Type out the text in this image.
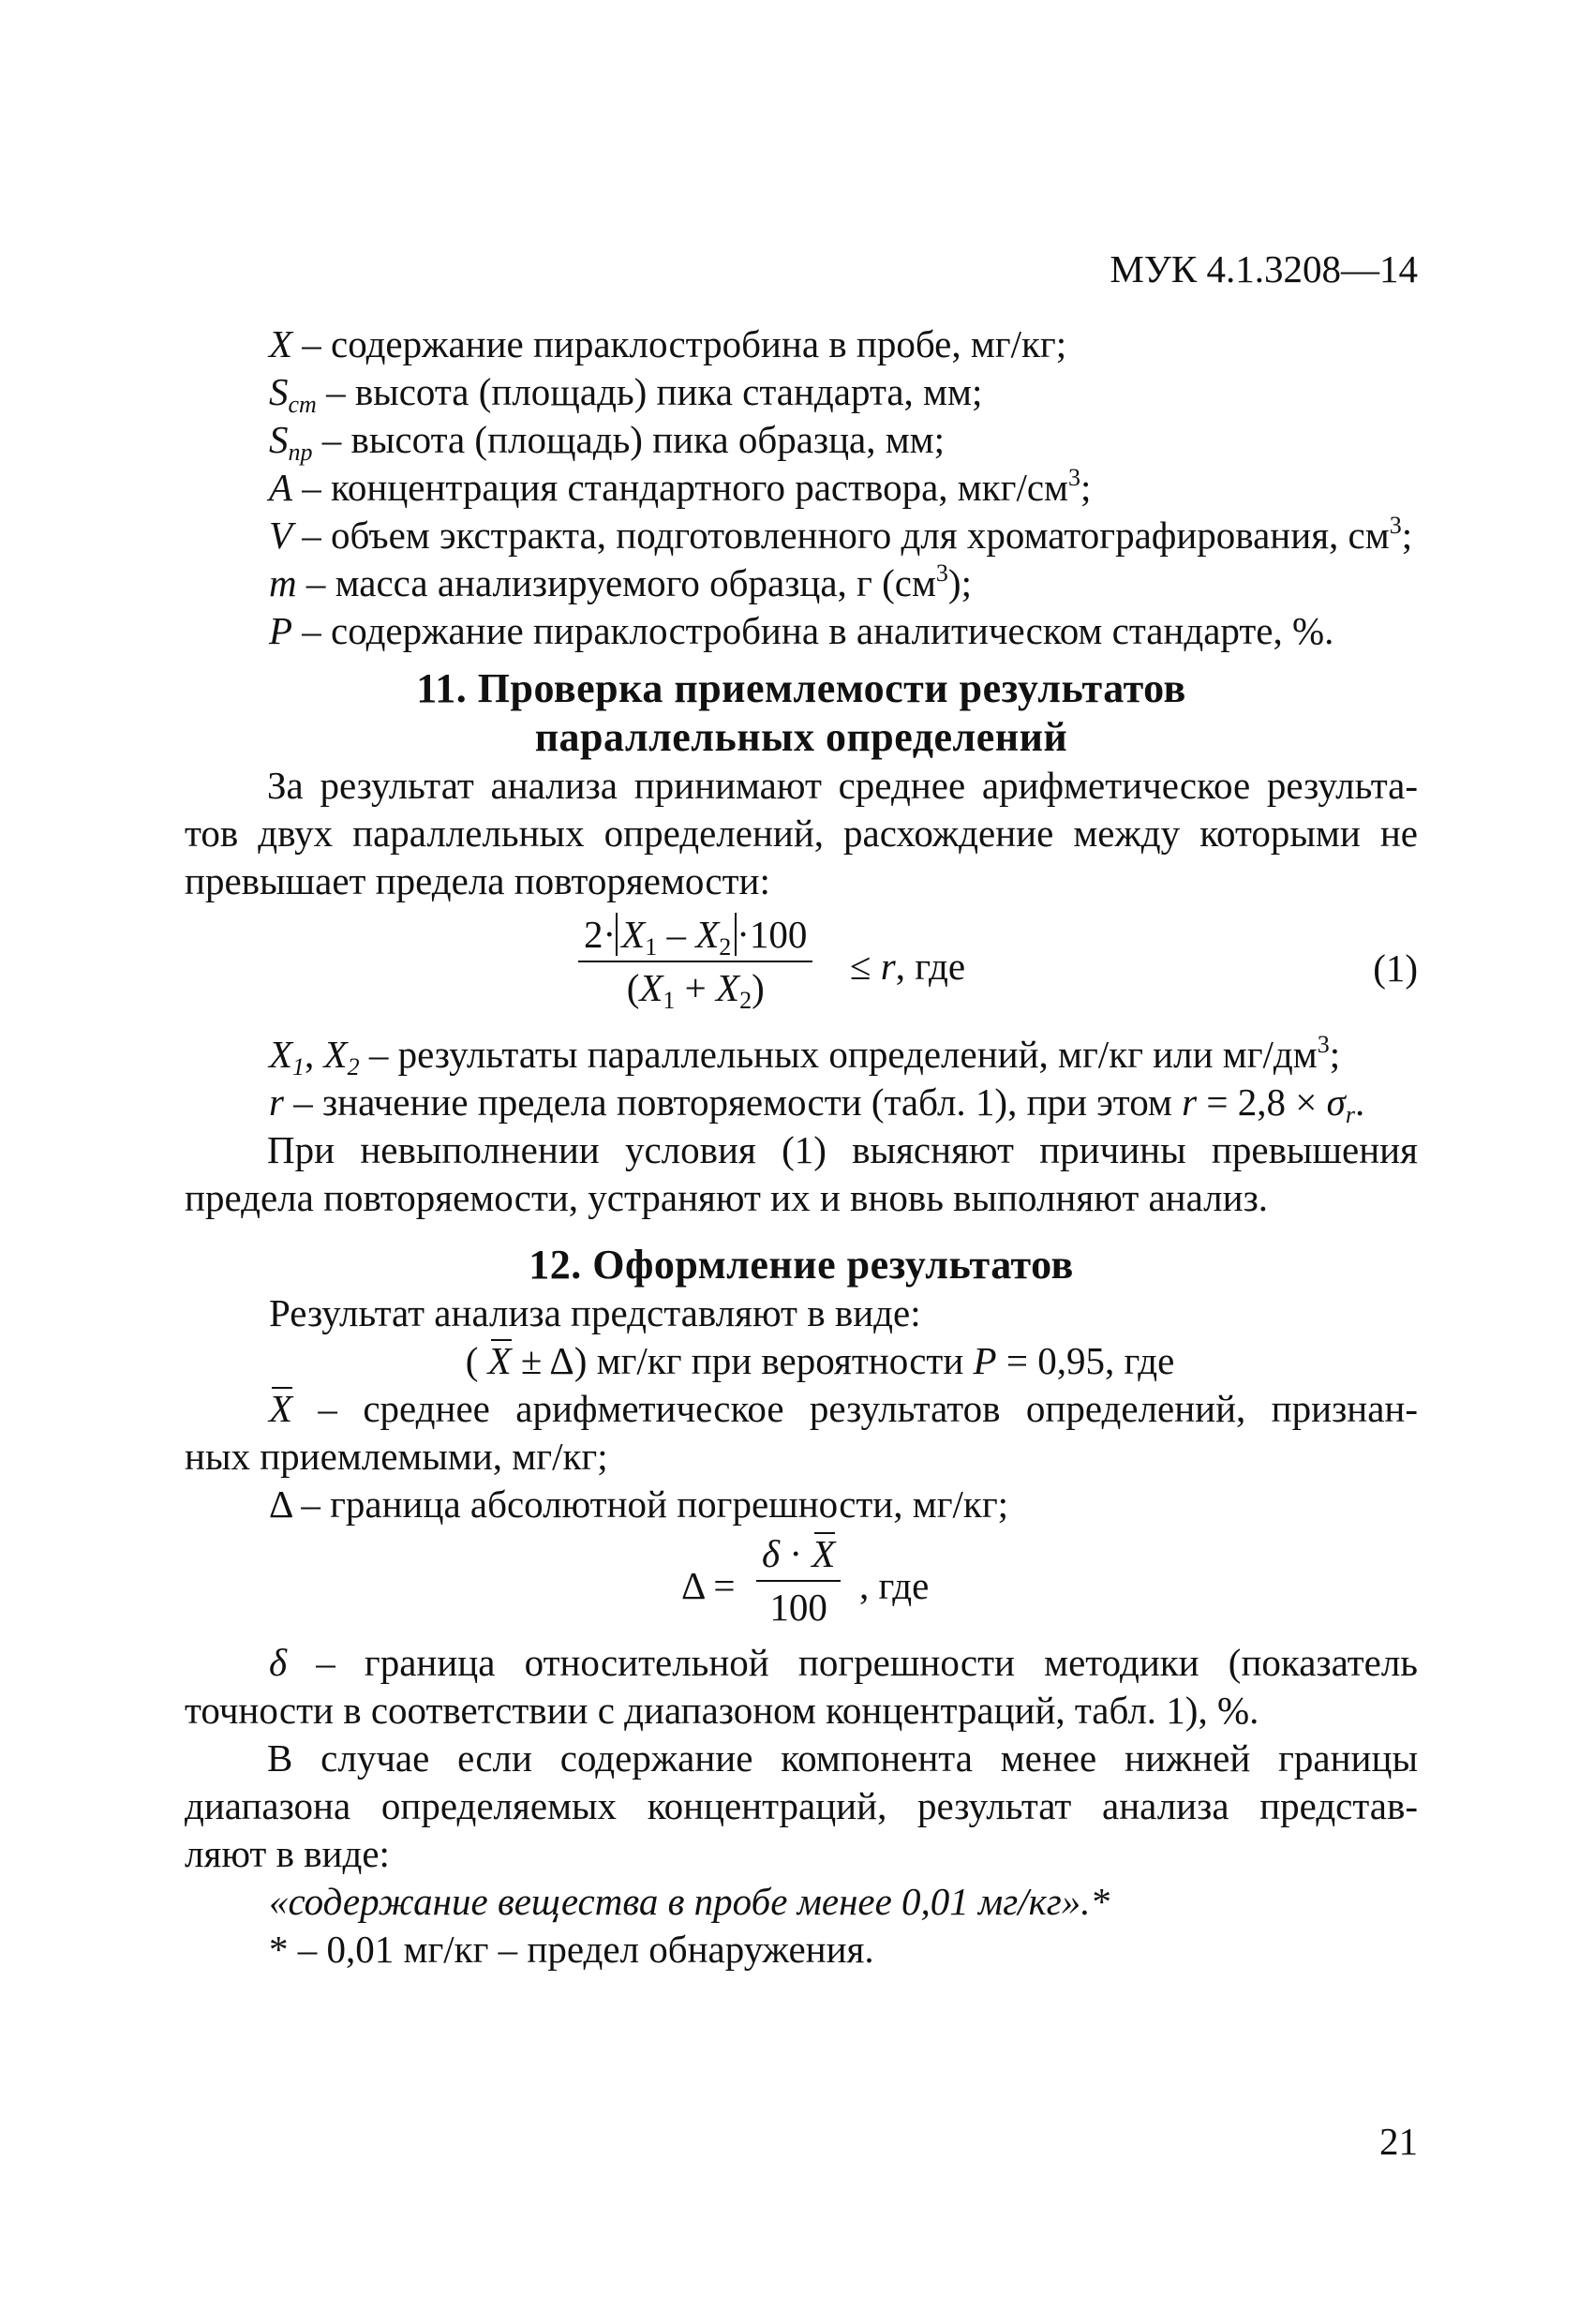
МУК 4.1.3208—14
X – содержание пираклостробина в пробе, мг/кг;
$S_{cm}$ – высота (площадь) пика стандарта, мм;
$S_{пр}$ – высота (площадь) пика образца, мм;
A – концентрация стандартного раствора, мкг/$см^3$;
V – объем экстракта, подготовленного для хроматографирования, $см^3$;
m – масса анализируемого образца, г $(см^3)$;
P – содержание пираклостробина в аналитическом стандарте, %.
11. Проверка приемлемости результатов
параллельных определений
За результат анализа принимают среднее арифметическое результа-
тов двух параллельных определений, расхождение между которыми не
превышает предела повторяемости:
$\frac{2\cdot X_1 - X_2 \cdot 100}{(X_1 + X_2)} \le r$, где	(1)
$X_1$, $X_2$ – результаты параллельных определений, мг/кг или $мг/дм^3$;
r – значение предела повторяемости (табл. 1), при этом $r = 2,8 \times \sigma_r$.
При невыполнении условия (1) выясняют причины превышения
предела повторяемости, устраняют их и вновь выполняют анализ.
12. Оформление результатов
Результат анализа представляют в виде:
( X ± Δ) мг/кг при вероятности P = 0,95, где
X – среднее арифметическое результатов определений, признан-
ных приемлемыми, мг/кг;
Δ – граница абсолютной погрешности, мг/кг;
$\Delta = \frac{\delta \cdot X}{100}$ , где
δ – граница относительной погрешности методики (показатель
точности в соответствии с диапазоном концентраций, табл. 1), %.
В случае если содержание компонента менее нижней границы
диапазона определяемых концентраций, результат анализа представ-
ляют в виде:
«содержание вещества в пробе менее 0,01 мг/кг».*
* – 0,01 мг/кг – предел обнаружения.
21
